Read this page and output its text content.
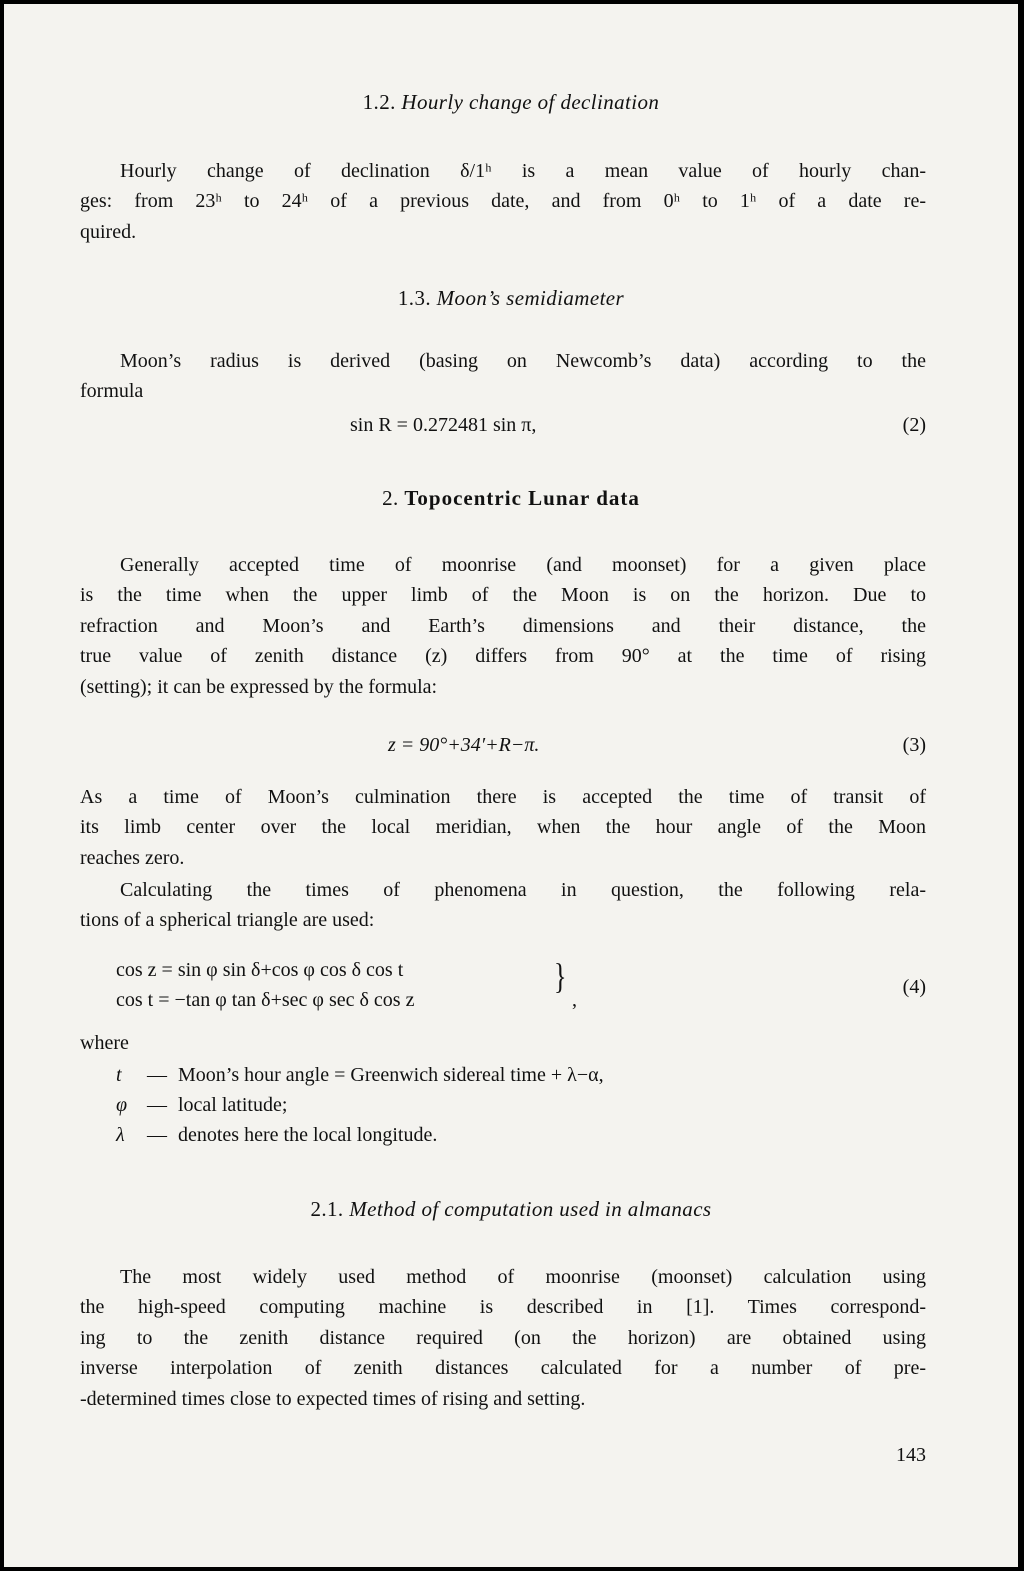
1.2. Hourly change of declination
Hourly change of declination δ/1ʰ is a mean value of hourly chan-
ges: from 23ʰ to 24ʰ of a previous date, and from 0ʰ to 1ʰ of a date re-
quired.
1.3. Moon’s semidiameter
Moon’s radius is derived (basing on Newcomb’s data) according to the
formula
sin R = 0.272481 sin π,	(2)
2. Topocentric Lunar data
Generally accepted time of moonrise (and moonset) for a given place
is the time when the upper limb of the Moon is on the horizon. Due to
refraction and Moon’s and Earth’s dimensions and their distance, the
true value of zenith distance (z) differs from 90° at the time of rising
(setting); it can be expressed by the formula:
z = 90°+34′+R−π.	(3)
As a time of Moon’s culmination there is accepted the time of transit of
its limb center over the local meridian, when the hour angle of the Moon
reaches zero.
Calculating the times of phenomena in question, the following rela-
tions of a spherical triangle are used:
cos z = sin φ sin δ+cos φ cos δ cos t
cos t = −tan φ tan δ+sec φ sec δ cos z
}
,
(4)
where
t — Moon’s hour angle = Greenwich sidereal time + λ−α,
φ — local latitude;
λ — denotes here the local longitude.
2.1. Method of computation used in almanacs
The most widely used method of moonrise (moonset) calculation using
the high-speed computing machine is described in [1]. Times correspond-
ing to the zenith distance required (on the horizon) are obtained using
inverse interpolation of zenith distances calculated for a number of pre-
-determined times close to expected times of rising and setting.
143
